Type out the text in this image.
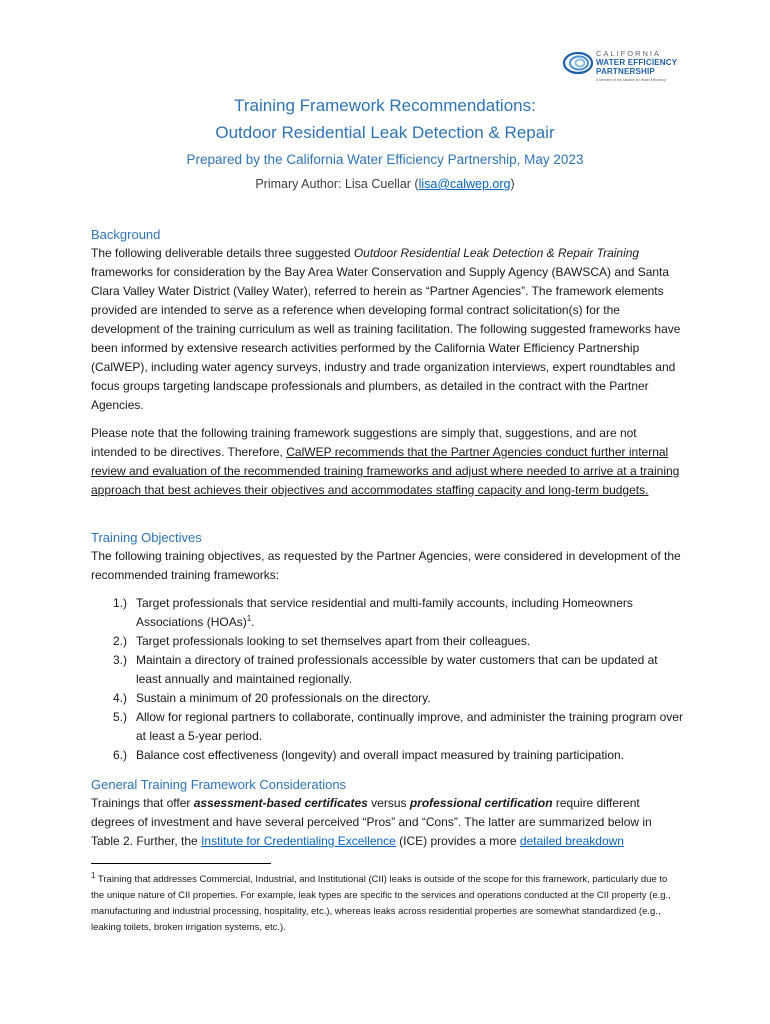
CALIFORNIA
WATER EFFICIENCY
PARTNERSHIP
A Member of the Alliance for Water Efficiency
Training Framework Recommendations:
Outdoor Residential Leak Detection & Repair
Prepared by the California Water Efficiency Partnership, May 2023
Primary Author: Lisa Cuellar (lisa@calwep.org)
Background

The following deliverable details three suggested Outdoor Residential Leak Detection & Repair Training frameworks for consideration by the Bay Area Water Conservation and Supply Agency (BAWSCA) and Santa Clara Valley Water District (Valley Water), referred to herein as “Partner Agencies”. The framework elements provided are intended to serve as a reference when developing formal contract solicitation(s) for the development of the training curriculum as well as training facilitation. The following suggested frameworks have been informed by extensive research activities performed by the California Water Efficiency Partnership (CalWEP), including water agency surveys, industry and trade organization interviews, expert roundtables and focus groups targeting landscape professionals and plumbers, as detailed in the contract with the Partner Agencies.

Please note that the following training framework suggestions are simply that, suggestions, and are not intended to be directives. Therefore, CalWEP recommends that the Partner Agencies conduct further internal review and evaluation of the recommended training frameworks and adjust where needed to arrive at a training approach that best achieves their objectives and accommodates staffing capacity and long-term budgets.

Training Objectives

The following training objectives, as requested by the Partner Agencies, were considered in development of the recommended training frameworks:

1.) Target professionals that service residential and multi-family accounts, including Homeowners Associations (HOAs)$^1$.
2.) Target professionals looking to set themselves apart from their colleagues.
3.) Maintain a directory of trained professionals accessible by water customers that can be updated at least annually and maintained regionally.
4.) Sustain a minimum of 20 professionals on the directory.
5.) Allow for regional partners to collaborate, continually improve, and administer the training program over at least a 5-year period.
6.) Balance cost effectiveness (longevity) and overall impact measured by training participation.
General Training Framework Considerations

Trainings that offer assessment-based certificates versus professional certification require different degrees of investment and have several perceived “Pros” and “Cons”. The latter are summarized below in Table 2. Further, the Institute for Credentialing Excellence (ICE) provides a more detailed breakdown

$^1$ Training that addresses Commercial, Industrial, and Institutional (CII) leaks is outside of the scope for this framework, particularly due to the unique nature of CII properties. For example, leak types are specific to the services and operations conducted at the CII property (e.g., manufacturing and industrial processing, hospitality, etc.), whereas leaks across residential properties are somewhat standardized (e.g., leaking toilets, broken irrigation systems, etc.).
